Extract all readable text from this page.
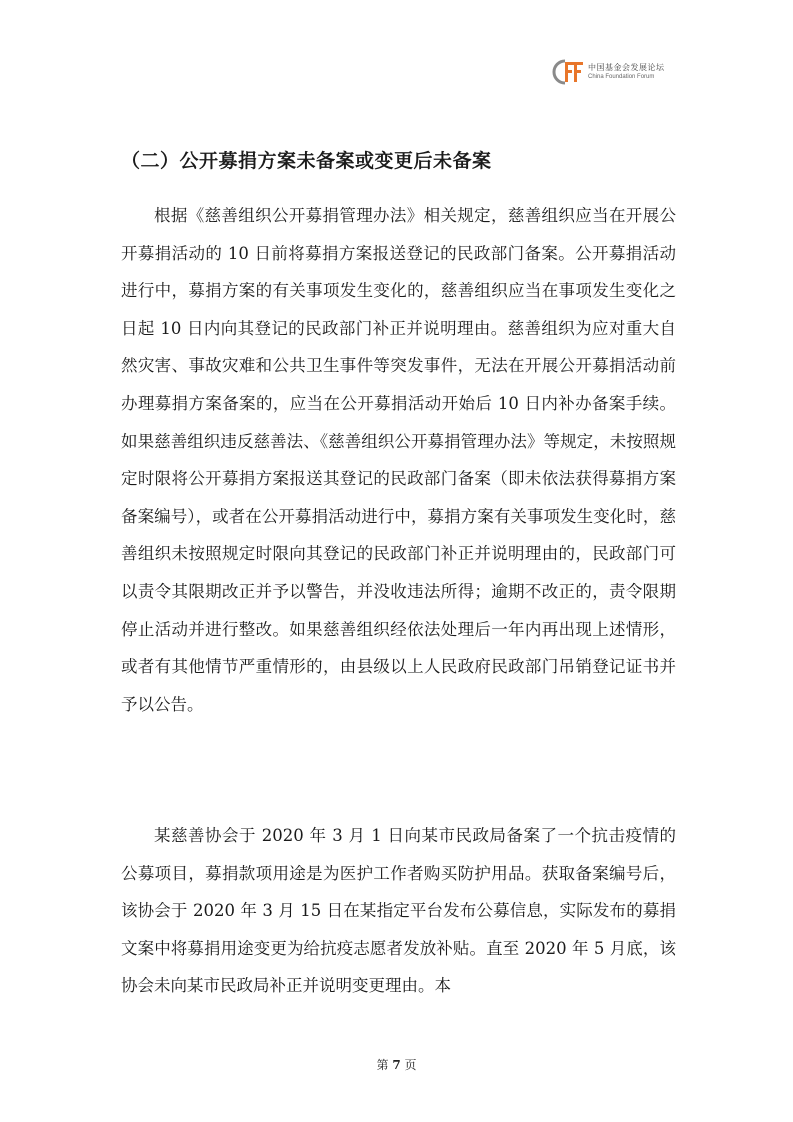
中国基金会发展论坛
China Foundation Forum
（二）公开募捐方案未备案或变更后未备案

根据《慈善组织公开募捐管理办法》相关规定，慈善组织应当在开展公开募捐活动的 10 日前将募捐方案报送登记的民政部门备案。公开募捐活动进行中，募捐方案的有关事项发生变化的，慈善组织应当在事项发生变化之日起 10 日内向其登记的民政部门补正并说明理由。慈善组织为应对重大自然灾害、事故灾难和公共卫生事件等突发事件，无法在开展公开募捐活动前办理募捐方案备案的，应当在公开募捐活动开始后 10 日内补办备案手续。如果慈善组织违反慈善法、《慈善组织公开募捐管理办法》等规定，未按照规定时限将公开募捐方案报送其登记的民政部门备案（即未依法获得募捐方案备案编号），或者在公开募捐活动进行中，募捐方案有关事项发生变化时，慈善组织未按照规定时限向其登记的民政部门补正并说明理由的，民政部门可以责令其限期改正并予以警告，并没收违法所得；逾期不改正的，责令限期停止活动并进行整改。如果慈善组织经依法处理后一年内再出现上述情形，或者有其他情节严重情形的，由县级以上人民政府民政部门吊销登记证书并予以公告。

某慈善协会于 2020 年 3 月 1 日向某市民政局备案了一个抗击疫情的公募项目，募捐款项用途是为医护工作者购买防护用品。获取备案编号后，该协会于 2020 年 3 月 15 日在某指定平台发布公募信息，实际发布的募捐文案中将募捐用途变更为给抗疫志愿者发放补贴。直至 2020 年 5 月底，该协会未向某市民政局补正并说明变更理由。本

第 7 页
